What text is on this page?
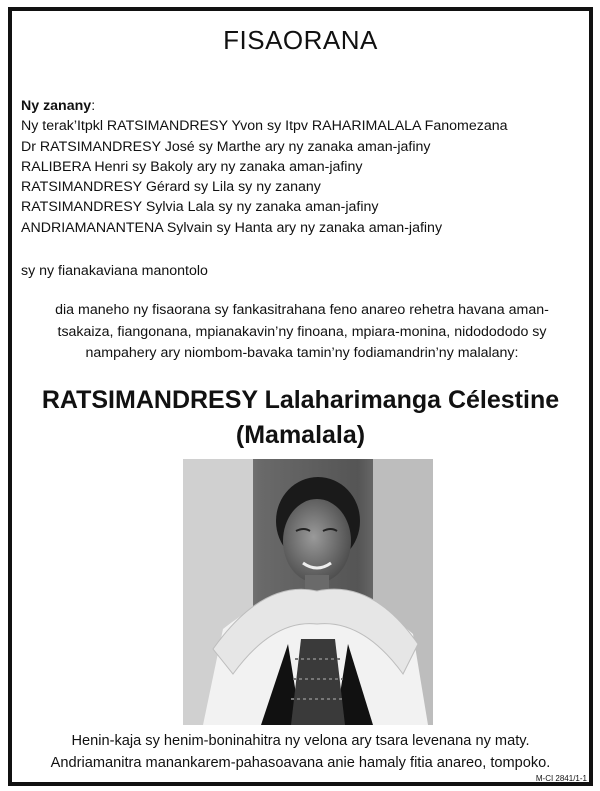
FISAORANA
Ny zanany:
Ny terak’Itpkl RATSIMANDRESY Yvon sy Itpv RAHARIMALALA Fanomezana
Dr RATSIMANDRESY José sy Marthe ary ny zanaka aman-jafiny
RALIBERA Henri sy Bakoly ary ny zanaka aman-jafiny
RATSIMANDRESY Gérard sy Lila sy ny zanany
RATSIMANDRESY Sylvia Lala sy ny zanaka aman-jafiny
ANDRIAMANANTENA Sylvain sy Hanta ary ny zanaka aman-jafiny
sy ny fianakaviana manontolo
dia maneho ny fisaorana sy fankasitrahana feno anareo rehetra havana aman-tsakaiza, fiangonana, mpianakavin’ny finoana, mpiara-monina, nidodododo sy nampahery ary niombom-bavaka tamin’ny fodiamandrin’ny malalany:
RATSIMANDRESY Lalaharimanga Célestine
(Mamalala)
Henin-kaja sy henim-boninahitra ny velona ary tsara levenana ny maty.
Andriamanitra manankarem-pahasoavana anie hamaly fitia anareo, tompoko.
M-CI 2841/1-1
